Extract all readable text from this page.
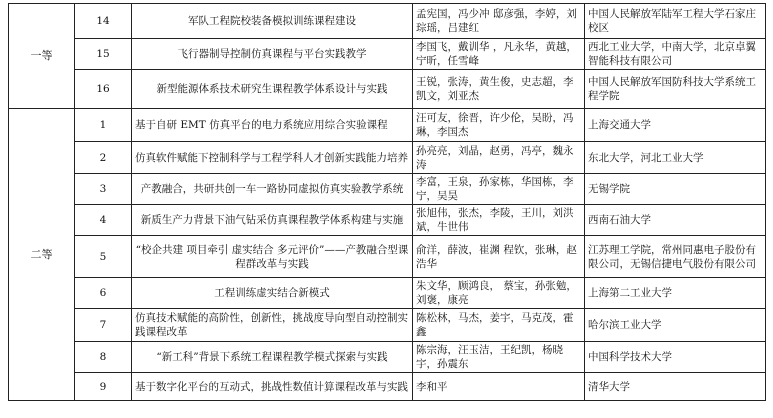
一等	14	军队工程院校装备模拟训练课程建设	孟宪国，冯少冲 邸彦强，李婷，刘琮瑶，吕建红	中国人民解放军陆军工程大学石家庄校区
	15	飞行器制导控制仿真课程与平台实践教学	李国飞，戴训华 ，凡永华，黄越，宁昕，任雪峰	西北工业大学，中南大学，北京卓翼智能科技有限公司
	16	新型能源体系技术研究生课程教学体系设计与实践	王锐，张涛，黄生俊，史志超，李凯文，刘亚杰	中国人民解放军国防科技大学系统工程学院
二等	1	基于自研 EMT 仿真平台的电力系统应用综合实验课程	汪可友，徐晋，许少伦，吴盼，冯琳，李国杰	上海交通大学
	2	仿真软件赋能下控制科学与工程学科人才创新实践能力培养	孙亮亮，刘晶，赵勇，冯亭，魏永涛	东北大学，河北工业大学
	3	产教融合，共研共创一车一路协同虚拟仿真实验教学系统	李富，王泉，孙家栋，华国栋，李宁，吴昊	无锡学院
	4	新质生产力背景下油气钻采仿真课程教学体系构建与实施	张旭伟，张杰，李陵，王川，刘洪斌，牛世伟	西南石油大学
	5	“校企共建 项目牵引 虚实结合 多元评价”——产教融合型课程群改革与实践	俞洋，薛波，崔渊 程钦，张琳，赵浩华	江苏理工学院，常州同惠电子股份有限公司，无锡信捷电气股份有限公司
	6	工程训练虚实结合新模式	朱文华，顾鸿良， 蔡宝，孙张勉，刘褒，康亮	上海第二工业大学
	7	仿真技术赋能的高阶性，创新性，挑战度导向型自动控制实践课程改革	陈松林，马杰，姜宇，马克茂，霍鑫	哈尔滨工业大学
	8	“新工科”背景下系统工程课程教学模式探索与实践	陈宗海，汪玉洁，王纪凯，杨晓宇，孙震东	中国科学技术大学
	9	基于数字化平台的互动式，挑战性数值计算课程改革与实践	李和平	清华大学
